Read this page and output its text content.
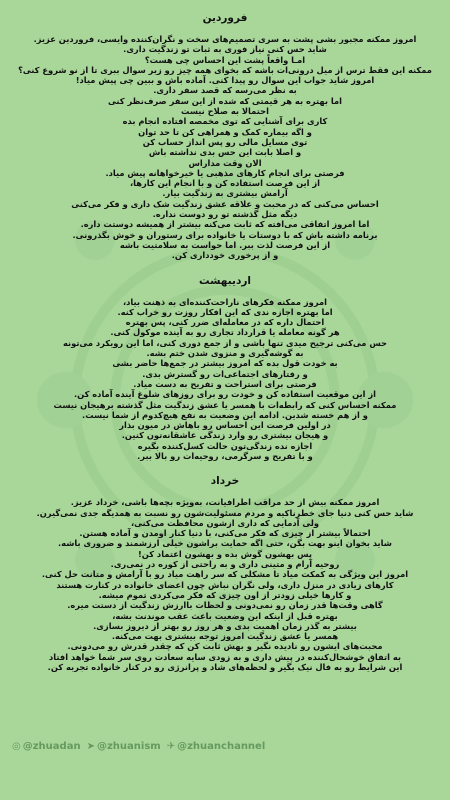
فروردین
امروز ممکنه مجبور بشی پشت به سری تصمیم‌های سخت و نگران‌کننده وایسی، فروردین عزیز.
شاید حس کنی نیاز فوری به ثبات تو زندگیت داری.
امـا واقعاً پشت این احساس چی هست؟
ممکنه این فقط ترس از میل درونی‌ات باشه که بخوای همه چیز رو زیر سوال ببری تا از نو شروع کنی؟
امروز شاید جواب این سوال رو پیدا کنی. آماده باش و ببین چی پیش میاد!
به نظر می‌رسه که قصد سفر داری.
اما بهتره به هر قیمتی که شده از این سفر صرف‌نظر کنی
احتمالا به صلاح نیست
کاری برای آشنایی که توی مخمصه افتاده انجام بده
و اگه بیماره کمک و همراهی کن تا حد توان
توی مسایل مالی رو پس انداز حساب کن
و اصلا بابت این حس بدی نداشته باش
الان وقت مداراس
فرصتی برای انجام کارهای مذهبی یا خیرخواهانه پیش میاد.
از این فرصت استفاده کن و با انجام این کارها،
آرامش بیشتری به زندگیت بیار.
احساس می‌کنی که در محبت و علاقه عشق زندگیت شک داری و فکر می‌کنی
دیگه مثل گذشته تو رو دوست نداره.
اما امروز اتفاقی می‌افته که ثابت می‌کنه بیشتر از همیشه دوستت داره.
برنامه داشته باش که با دوستات یا خانواده برای رستوران و خوش بگذرونی.
از این فرصت لذت ببر. اما حواست به سلامتیت باشه
و از پرخوری خودداری کن.
اردیبهشت
امروز ممکنه فکرهای ناراحت‌کننده‌ای به ذهنت بیاد،
اما بهتره اجازه ندی که این افکار روزت رو خراب کنه.
احتمال داره که در معامله‌ای ضرر کنی، پس بهتره
هر گونه معامله یا قرارداد تجاری رو به آینده موکول کنی.
حس می‌کنی ترجیح میدی تنها باشی و از جمع دوری کنی، اما این رویکرد می‌تونه
به گوشه‌گیری و منزوی شدن ختم بشه.
به خودت قول بده که امروز بیشتر در جمع‌ها حاضر بشی
و رفتارهای اجتماعی‌ات رو گسترش بدی.
فرصتی برای استراحت و تفریح به دست میاد.
از این موقعیت استفاده کن و خودت رو برای روزهای شلوغ آینده آماده کن.
ممکنه احساس کنی که رابطه‌ات با همسر یا عشق زندگیت مثل گذشته برهیجان نیست
و از هم خسته شدین. ادامه این وضعیت به نفع هیچ‌کدوم از شما نیست.
در اولین فرصت این احساس رو باهاش در میون بذار
و هیجان بیشتری رو وارد زندگی عاشقانه‌تون کنین.
اجازه نده زندگی‌تون حالت کسل‌کننده بگیره
و با تفریح و سرگرمی، روحیه‌ات رو بالا ببر.
خرداد
امروز ممکنه بیش از حد مراقب اطرافیانت، به‌ویژه بچه‌ها باشی، خرداد عزیز.
شاید حس کنی دنیا جای خطرناکیه و مردم مسئولیت‌شون رو نسبت به همدیگه جدی نمی‌گیرن.
ولی آدمایی که داری ازشون محافظت می‌کنی،
احتمالاً بیشتر از چیزی که فکر می‌کنی، با دنیا کنار اومدن و آماده هستن.
شاید بخوان اینو بهت بگن، حتی اگه حمایت براشون خیلی ارزشمند و ضروری باشه.
پس بهشون گوش بده و بهشون اعتماد کن!
روحیه آرام و متینی داری و به راحتی از کوره در نمی‌ری.
امروز این ویژگی به کمکت میاد تا مشکلی که سر راهت میاد رو با آرامش و متانت حل کنی.
کارهای زیادی در منزل داری، ولی نگران نباش چون اعضای خانواده در کنارت هستند
و کارها خیلی زودتر از اون چیزی که فکر می‌کردی تموم میشه.
گاهی وقت‌ها قدر زمان رو نمی‌دونی و لحظات باارزش زندگیت از دستت میره.
بهتره قبل از اینکه این وضعیت باعث عقب موندنت بشه،
بیشتر به گذر زمان اهمیت بدی و هر روز رو بهتر از دیروز بسازی.
همسر یا عشق زندگیت امروز توجه بیشتری بهت می‌کنه.
محبت‌های ایشون رو نادیده نگیر و بهش ثابت کن که چقدر قدرش رو می‌دونی.
به اتفاق خوشحال‌کننده در پیش داری و به زودی سایه سعادت روی سر شما خواهد افتاد
این شرایط رو به فال نیک بگیر و لحظه‌های شاد و پرانرژی رو در کنار خانواده تجربه کن.
◎ @zhuadan ➤ @zhuanism ✈ @zhuanchannel
